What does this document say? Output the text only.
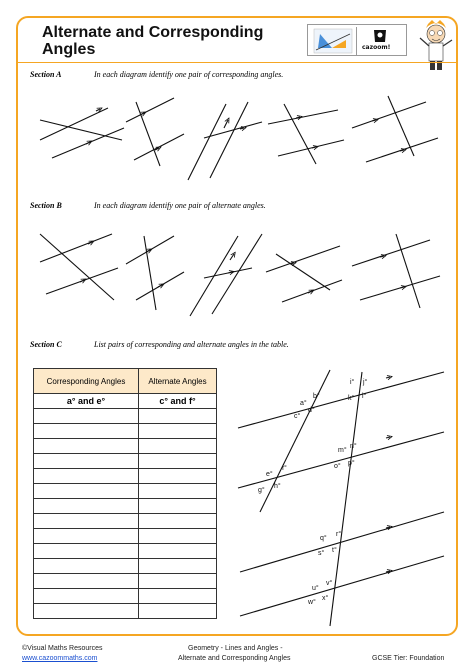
Alternate and Corresponding Angles	cazoom!
Section A	In each diagram identify one pair of corresponding angles.
Section B	In each diagram identify one pair of alternate angles.
Section C	List pairs of corresponding and alternate angles in the table.
Corresponding Angles	Alternate Angles
a° and e°	c° and f°

		a°
b°
c°
d°
e°
f°
g°
h°
i° j°
k° l°
m°
n°
o° p°
q°
r°
s° t°
u°
v°
w°
x°
©Visual Maths Resources
www.cazoommaths.com
Geometry - Lines and Angles -
Alternate and Corresponding Angles	GCSE Tier: Foundation
